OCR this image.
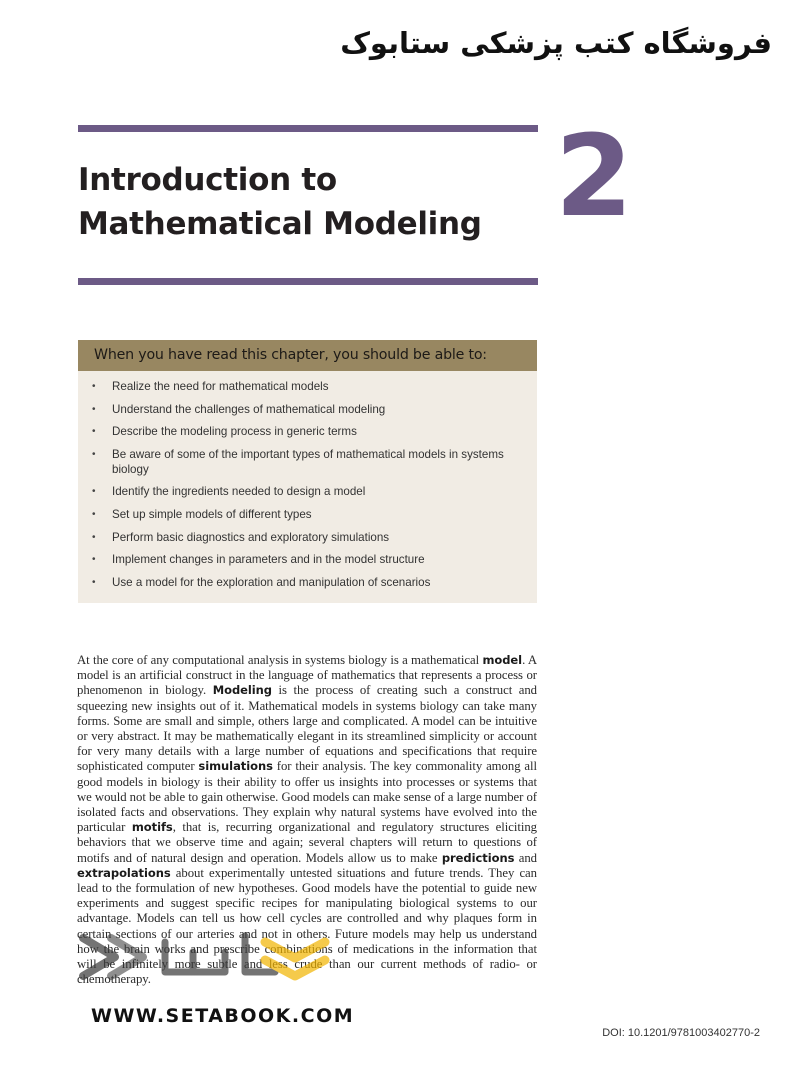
فروشگاه کتب پزشکی ستابوک
Introduction to
Mathematical Modeling 2
When you have read this chapter, you should be able to:
• Realize the need for mathematical models
• Understand the challenges of mathematical modeling
• Describe the modeling process in generic terms
• Be aware of some of the important types of mathematical models in systems biology
• Identify the ingredients needed to design a model
• Set up simple models of different types
• Perform basic diagnostics and exploratory simulations
• Implement changes in parameters and in the model structure
• Use a model for the exploration and manipulation of scenarios

At the core of any computational analysis in systems biology is a mathematical model. A model is an artificial construct in the language of mathematics that represents a process or phenomenon in biology. Modeling is the process of creating such a construct and squeezing new insights out of it. Mathematical models in systems biology can take many forms. Some are small and simple, others large and complicated. A model can be intuitive or very abstract. It may be mathematically elegant in its streamlined simplicity or account for very many details with a large number of equations and specifications that require sophisticated computer simulations for their analysis. The key commonality among all good models in biology is their ability to offer us insights into processes or systems that we would not be able to gain otherwise. Good models can make sense of a large number of isolated facts and observations. They explain why natural systems have evolved into the particular motifs, that is, recurring organizational and regulatory structures eliciting behaviors that we observe time and again; several chapters will return to questions of motifs and of natural design and operation. Models allow us to make predictions and extrapolations about experimentally untested situations and future trends. They can lead to the formulation of new hypotheses. Good models have the potential to guide new experiments and suggest specific recipes for manipulating biological systems to our advantage. Models can tell us how cell cycles are controlled and why plaques form in certain sections of our arteries and not in others. Future models may help us understand how the brain works and prescribe combinations of medications in the information that will be infinitely more subtle and less crude than our current methods of radio- or chemotherapy.

WWW.SETABOOK.COM
DOI: 10.1201/9781003402770-2
